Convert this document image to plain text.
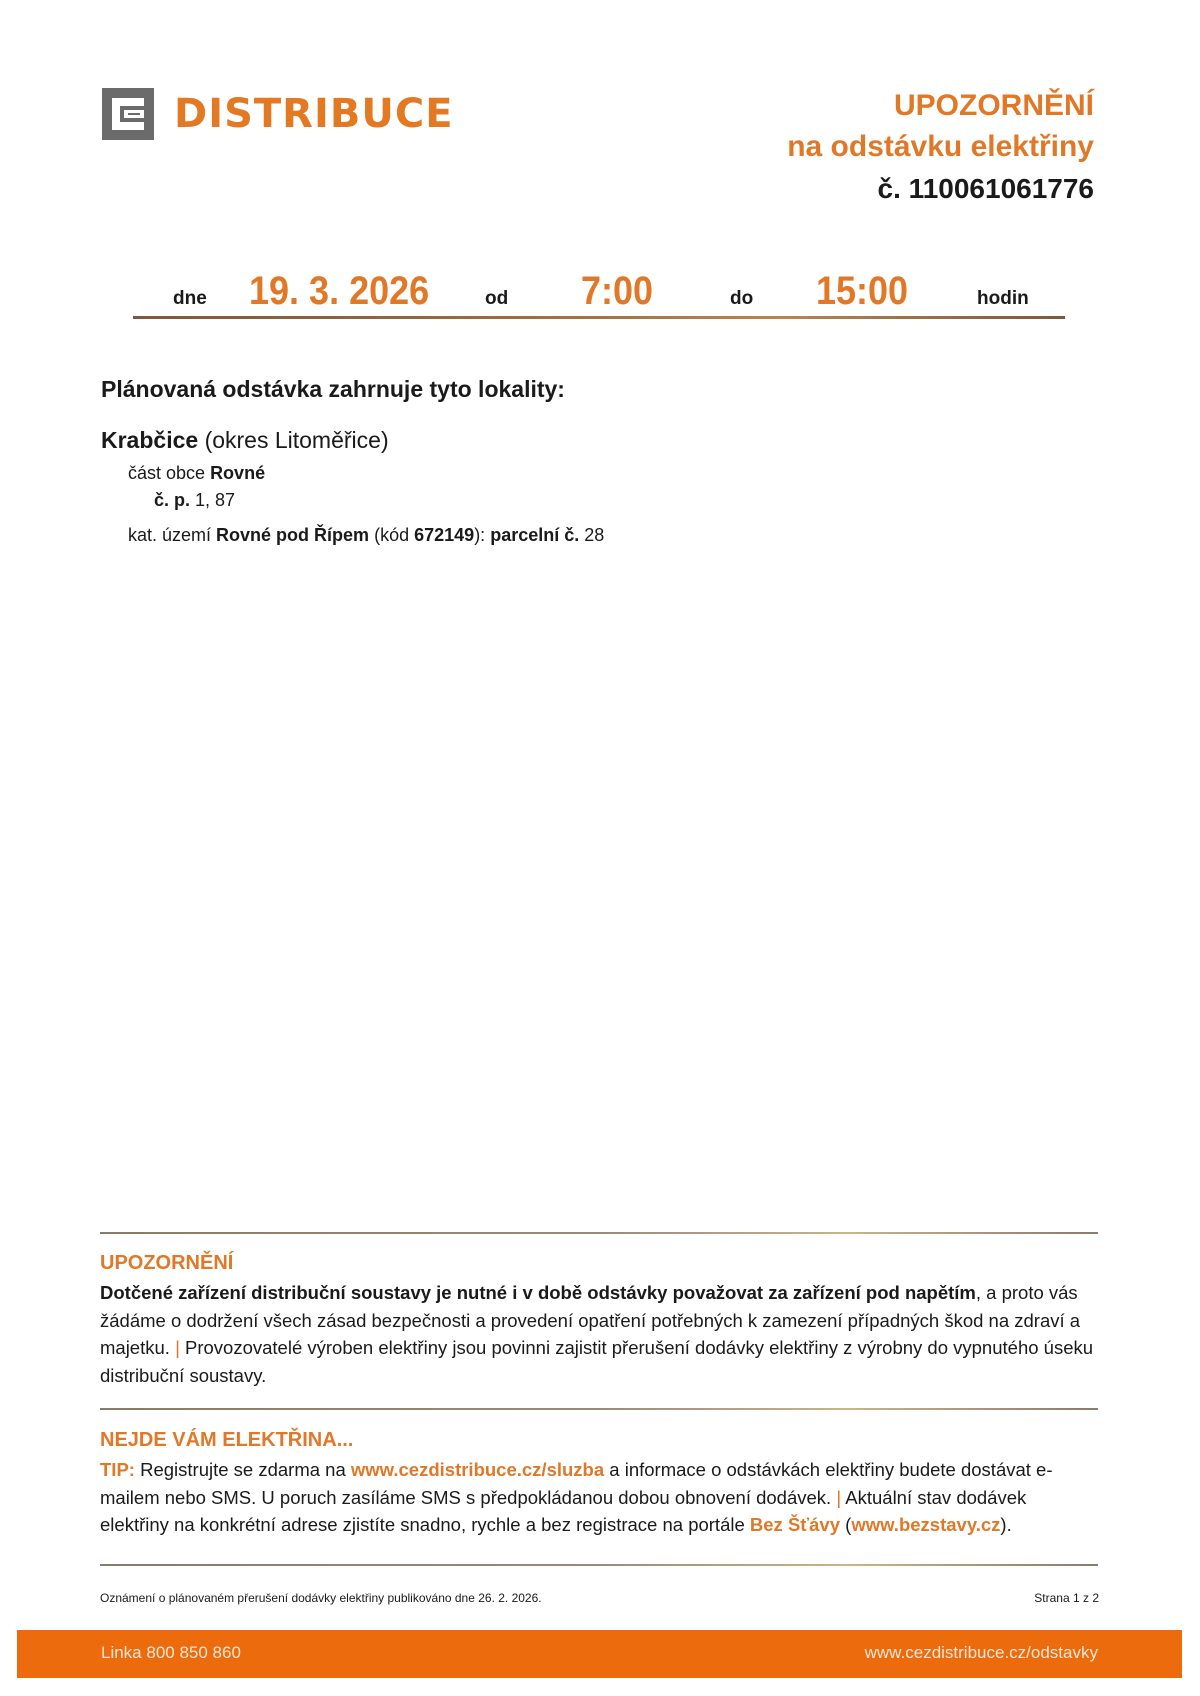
DISTRIBUCE	UPOZORNĚNÍ
na odstávku elektřiny
č. 110061061776
dne 19. 3. 2026	od 7:00	do 15:00	hodin
Plánovaná odstávka zahrnuje tyto lokality:
Krabčice (okres Litoměřice)
část obce Rovné
č. p. 1, 87
kat. území Rovné pod Řípem (kód 672149): parcelní č. 28
UPOZORNĚNÍ
Dotčené zařízení distribuční soustavy je nutné i v době odstávky považovat za zařízení pod napětím, a proto vás žádáme o dodržení všech zásad bezpečnosti a provedení opatření potřebných k zamezení případných škod na zdraví a majetku. | Provozovatelé výroben elektřiny jsou povinni zajistit přerušení dodávky elektřiny z výrobny do vypnutého úseku distribuční soustavy.
NEJDE VÁM ELEKTŘINA...
TIP: Registrujte se zdarma na www.cezdistribuce.cz/sluzba a informace o odstávkách elektřiny budete dostávat e-mailem nebo SMS. U poruch zasíláme SMS s předpokládanou dobou obnovení dodávek. | Aktuální stav dodávek elektřiny na konkrétní adrese zjistíte snadno, rychle a bez registrace na portále Bez Šťávy (www.bezstavy.cz).
Oznámení o plánovaném přerušení dodávky elektřiny publikováno dne 26. 2. 2026.	Strana 1 z 2
Linka 800 850 860	www.cezdistribuce.cz/odstavky
